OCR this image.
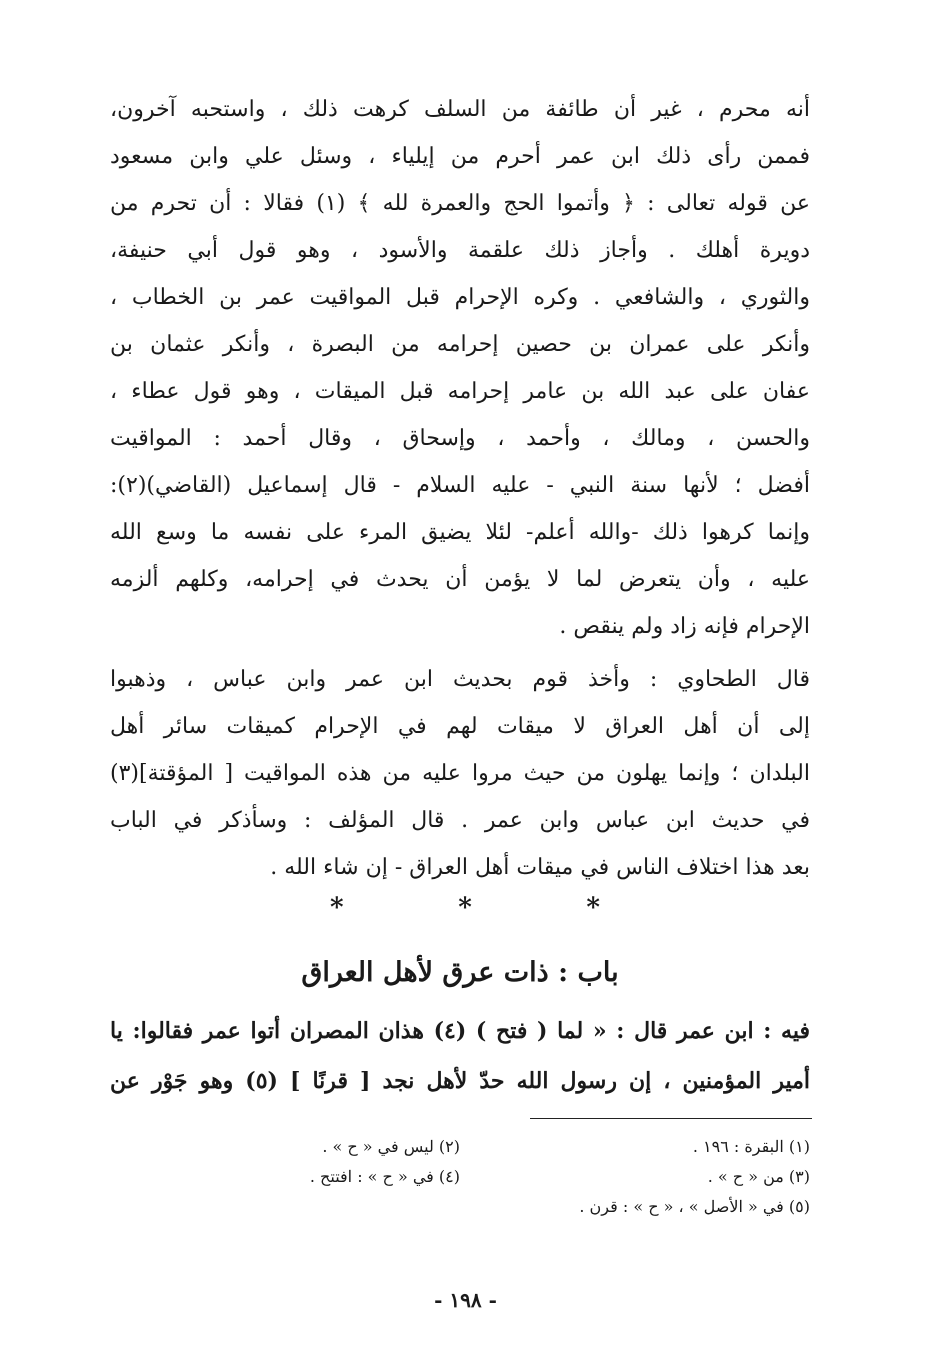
أنه محرم ، غير أن طائفة من السلف كرهت ذلك ، واستحبه آخرون،
فممن رأى ذلك ابن عمر أحرم من إيلياء ، وسئل علي وابن مسعود
عن قوله تعالى : ﴿ وأتموا الحج والعمرة لله ﴾ (١) فقالا : أن تحرم من
دويرة أهلك . وأجاز ذلك علقمة والأسود ، وهو قول أبي حنيفة،
والثوري ، والشافعي . وكره الإحرام قبل المواقيت عمر بن الخطاب ،
وأنكر على عمران بن حصين إحرامه من البصرة ، وأنكر عثمان بن
عفان على عبد الله بن عامر إحرامه قبل الميقات ، وهو قول عطاء ،
والحسن ، ومالك ، وأحمد ، وإسحاق ، وقال أحمد : المواقيت
أفضل ؛ لأنها سنة النبي - عليه السلام - قال إسماعيل (القاضي)(٢):
وإنما كرهوا ذلك -والله أعلم- لئلا يضيق المرء على نفسه ما وسع الله
عليه ، وأن يتعرض لما لا يؤمن أن يحدث في إحرامه، وكلهم ألزمه
الإحرام فإنه زاد ولم ينقص .
قال الطحاوي : وأخذ قوم بحديث ابن عمر وابن عباس ، وذهبوا
إلى أن أهل العراق لا ميقات لهم في الإحرام كميقات سائر أهل
البلدان ؛ وإنما يهلون من حيث مروا عليه من هذه المواقيت [ المؤقتة](٣)
في حديث ابن عباس وابن عمر . قال المؤلف : وسأذكر في الباب
بعد هذا اختلاف الناس في ميقات أهل العراق - إن شاء الله .
*
*
*
باب : ذات عرق لأهل العراق
فيه : ابن عمر قال : « لما ( فتح ) (٤) هذان المصران أتوا عمر فقالوا: يا
أمير المؤمنين ، إن رسول الله حدّ لأهل نجد [ قرنًا ] (٥) وهو جَوْر عن
(١) البقرة : ١٩٦ .
(٢) ليس في « ح » .
(٣) من « ح » .
(٤) في « ح » : افتتح .
(٥) في « الأصل » ، « ح » : قرن .
- ١٩٨ -
